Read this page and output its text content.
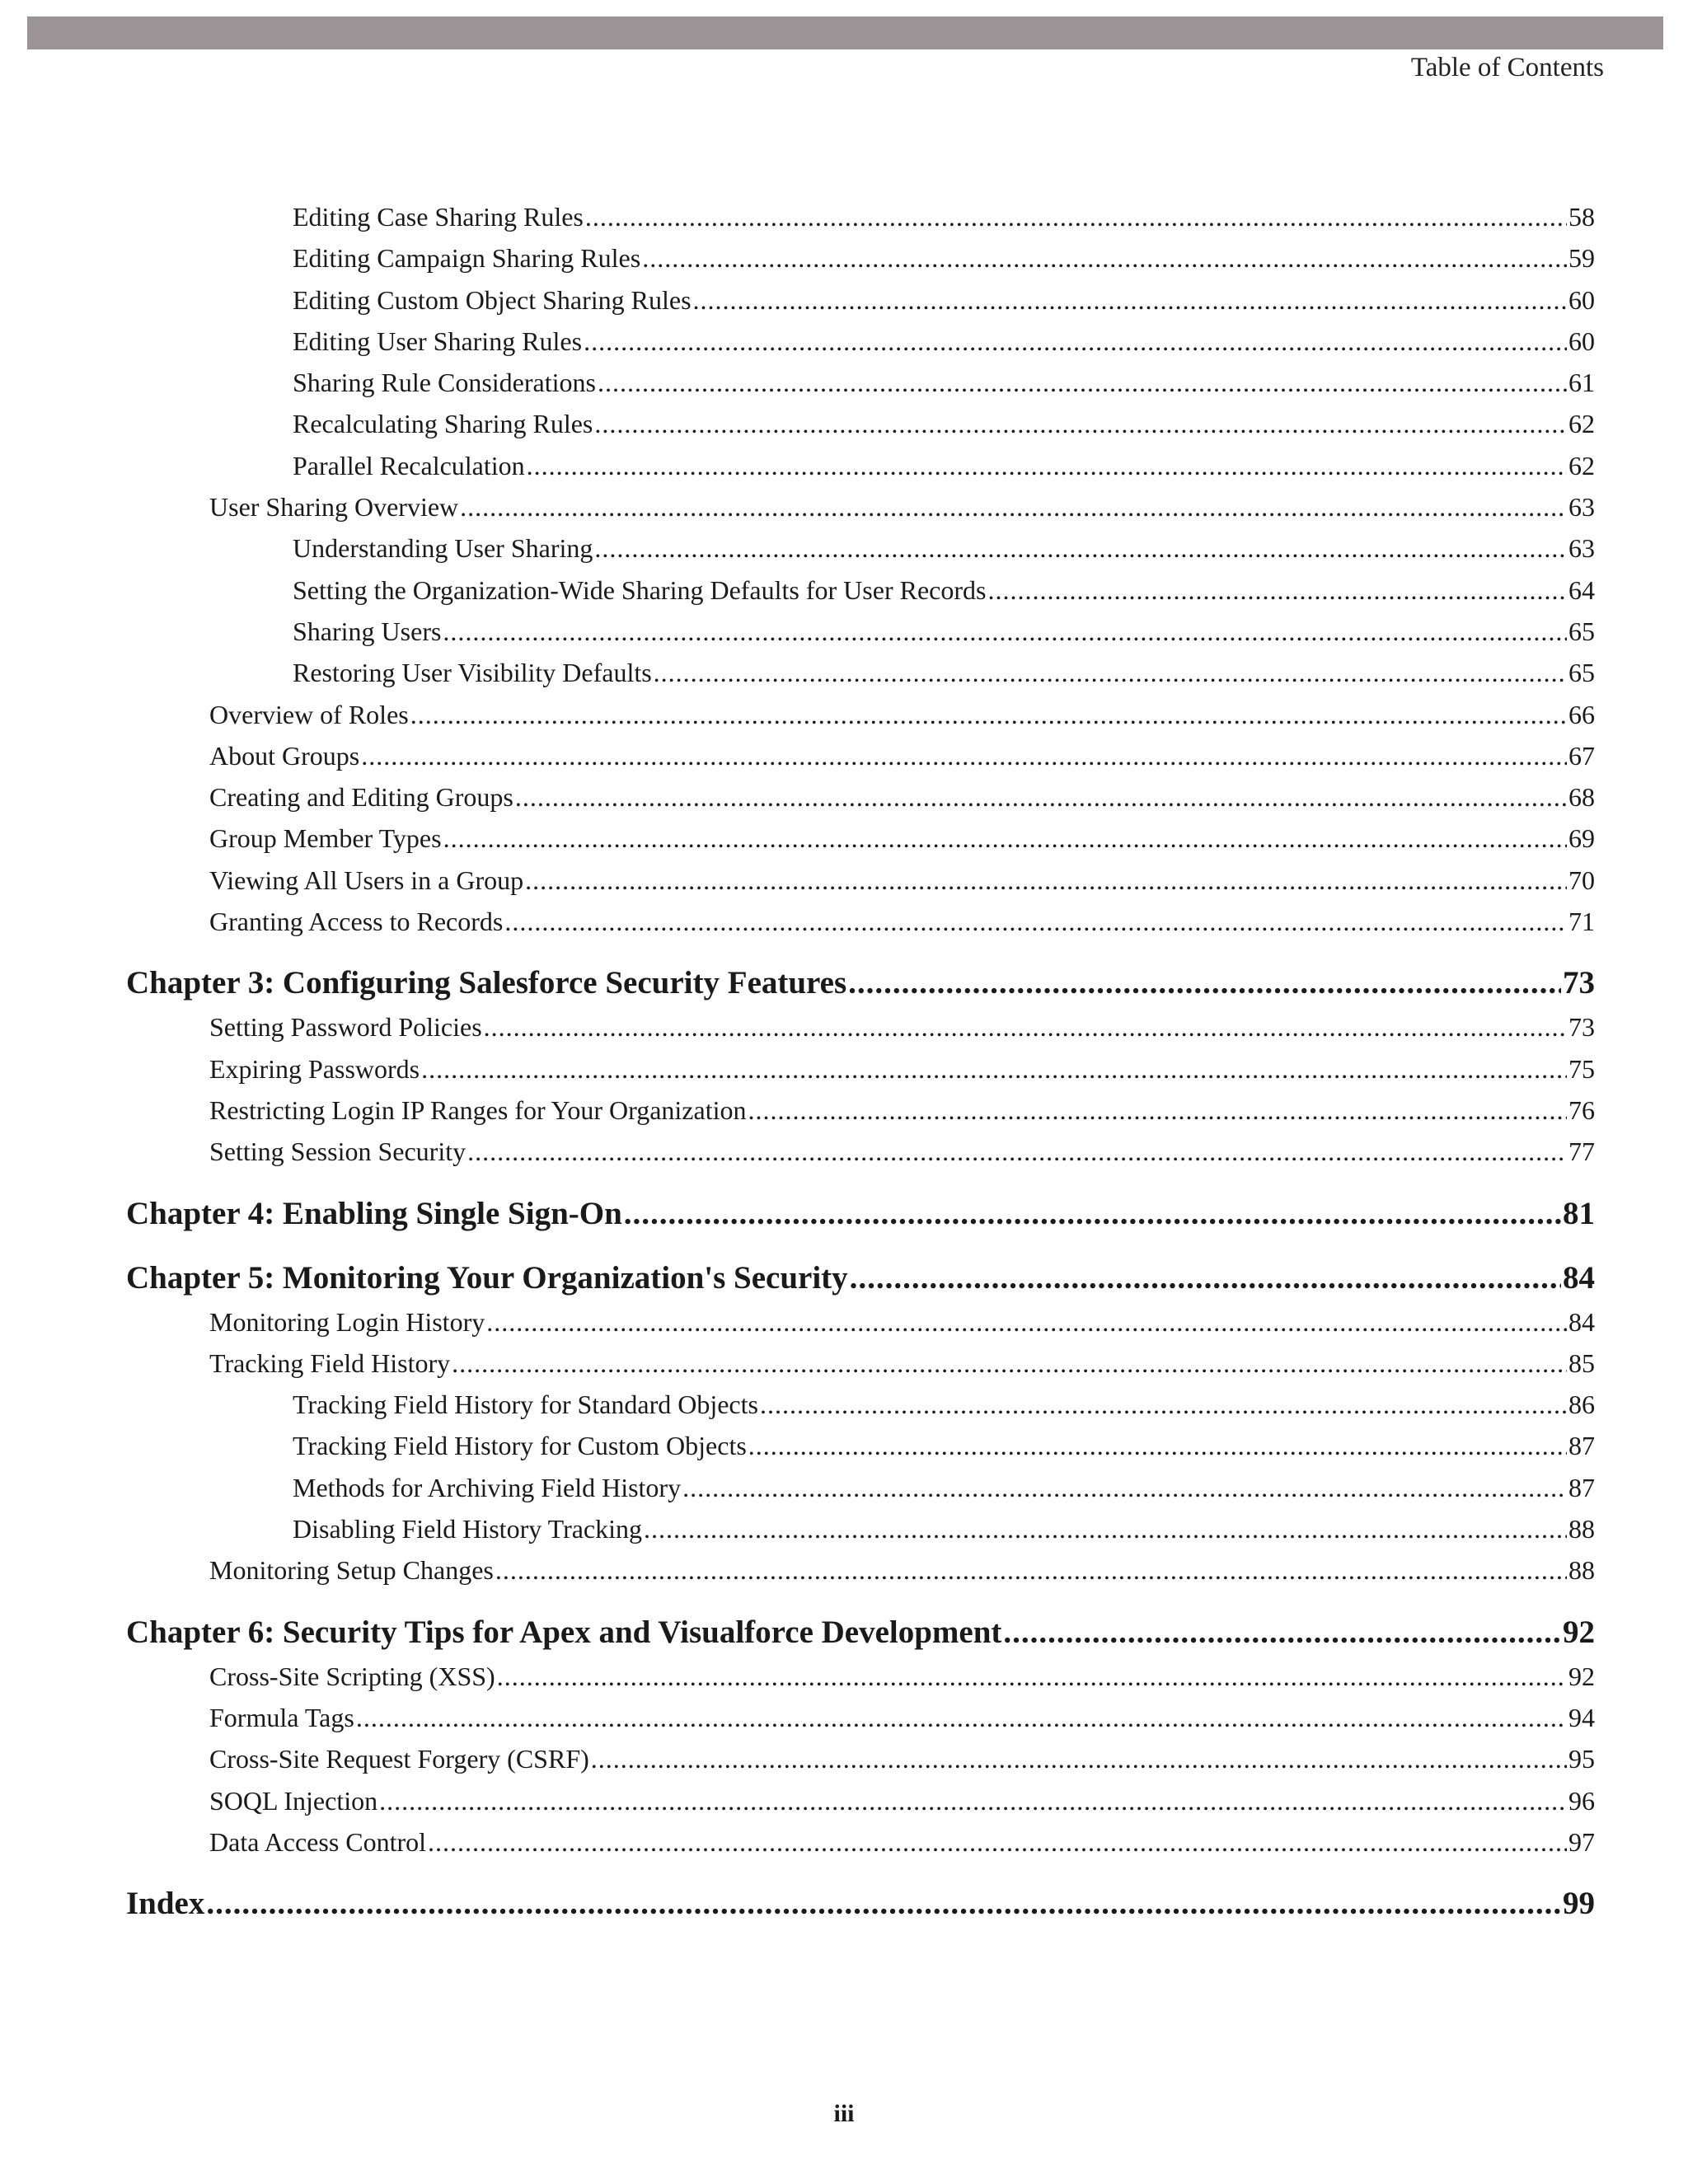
Table of Contents
Editing Case Sharing Rules .....	58
Editing Campaign Sharing Rules .....	59
Editing Custom Object Sharing Rules .....	60
Editing User Sharing Rules .....	60
Sharing Rule Considerations .....	61
Recalculating Sharing Rules .....	62
Parallel Recalculation .....	62
User Sharing Overview .....	63
Understanding User Sharing .....	63
Setting the Organization-Wide Sharing Defaults for User Records .....	64
Sharing Users .....	65
Restoring User Visibility Defaults .....	65
Overview of Roles .....	66
About Groups .....	67
Creating and Editing Groups .....	68
Group Member Types .....	69
Viewing All Users in a Group .....	70
Granting Access to Records .....	71
Chapter 3: Configuring Salesforce Security Features .....	73
Setting Password Policies .....	73
Expiring Passwords .....	75
Restricting Login IP Ranges for Your Organization .....	76
Setting Session Security .....	77
Chapter 4: Enabling Single Sign-On .....	81
Chapter 5: Monitoring Your Organization's Security .....	84
Monitoring Login History .....	84
Tracking Field History .....	85
Tracking Field History for Standard Objects .....	86
Tracking Field History for Custom Objects .....	87
Methods for Archiving Field History .....	87
Disabling Field History Tracking .....	88
Monitoring Setup Changes .....	88
Chapter 6: Security Tips for Apex and Visualforce Development .....	92
Cross-Site Scripting (XSS) .....	92
Formula Tags .....	94
Cross-Site Request Forgery (CSRF) .....	95
SOQL Injection .....	96
Data Access Control .....	97
Index .....	99
iii
